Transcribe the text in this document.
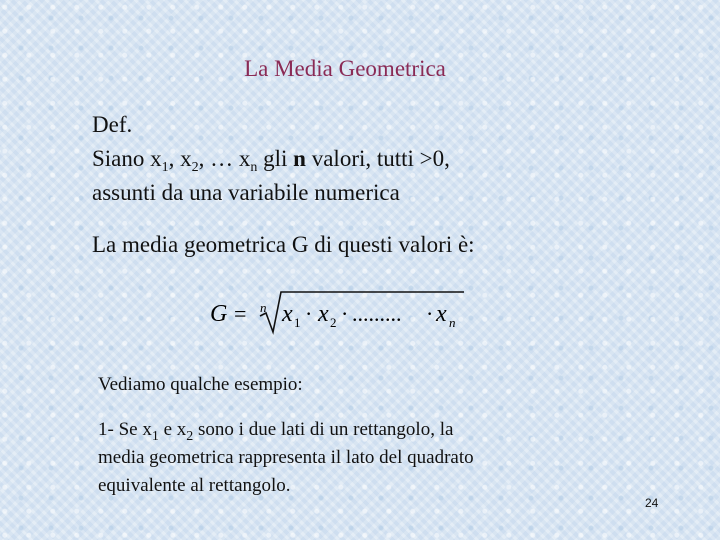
La Media Geometrica
Def.
Siano $x_1$, $x_2$, … $x_n$ gli n valori, tutti >0,
assunti da una variabile numerica
La media geometrica G di questi valori è:
G = n x 1 · x 2 · ......... · x n
Vediamo qualche esempio:
1- Se $x_1$ e $x_2$ sono i due lati di un rettangolo, la
media geometrica rappresenta il lato del quadrato
equivalente al rettangolo.
24
